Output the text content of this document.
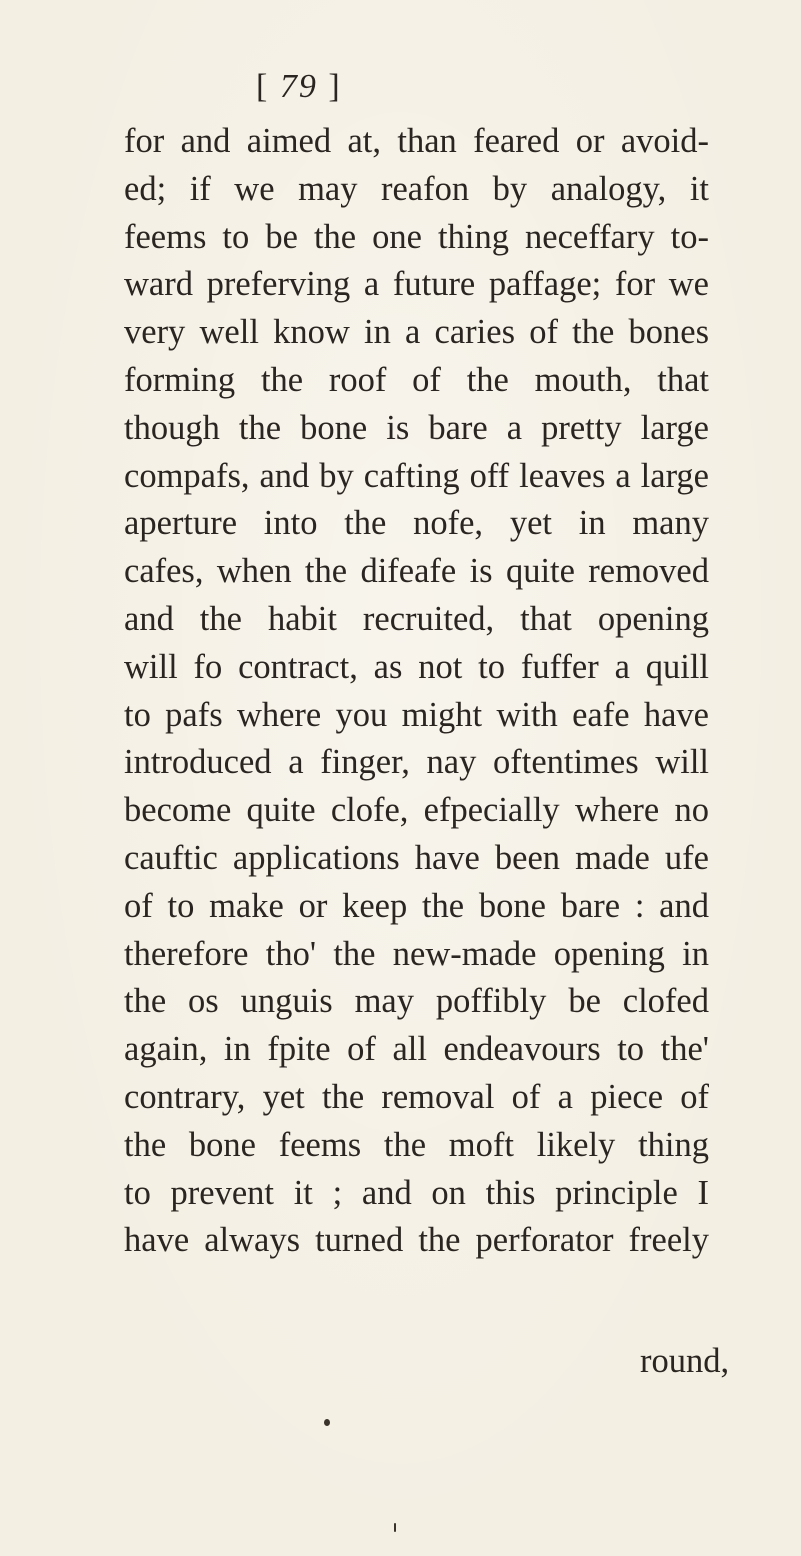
[ 79 ]
for and aimed at, than feared or avoid-
ed; if we may reafon by analogy, it
feems to be the one thing neceffary to-
ward preferving a future paffage; for we
very well know in a caries of the bones
forming the roof of the mouth, that
though the bone is bare a pretty large
compafs, and by cafting off leaves a large
aperture into the nofe, yet in many
cafes, when the difeafe is quite removed
and the habit recruited, that opening
will fo contract, as not to fuffer a quill
to pafs where you might with eafe have
introduced a finger, nay oftentimes will
become quite clofe, efpecially where no
cauftic applications have been made ufe
of to make or keep the bone bare : and
therefore tho' the new-made opening in
the os unguis may poffibly be clofed
again, in fpite of all endeavours to the'
contrary, yet the removal of a piece of
the bone feems the moft likely thing
to prevent it ; and on this principle I
have always turned the perforator freely
round,
